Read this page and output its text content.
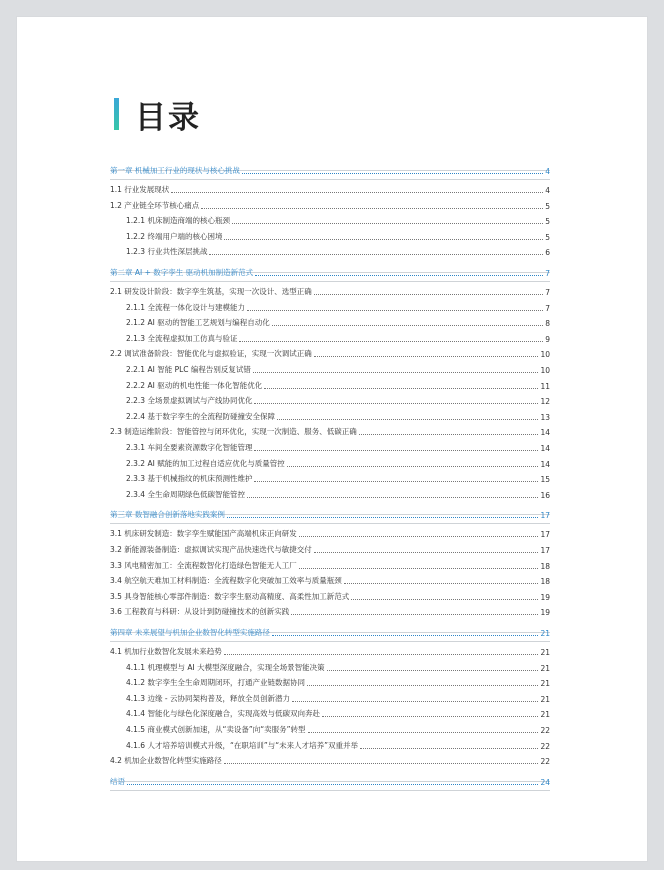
目录
第一章 机械加工行业的现状与核心挑战	4
1.1 行业发展现状	4
1.2 产业链全环节核心痛点	5
1.2.1 机床制造商端的核心瓶颈	5
1.2.2 终端用户端的核心困境	5
1.2.3 行业共性深层挑战	6
第二章 AI + 数字孪生 驱动机加制造新范式	7
2.1 研发设计阶段：数字孪生筑基，实现一次设计、选型正确	7
2.1.1 全流程一体化设计与建模能力	7
2.1.2 AI 驱动的智能工艺规划与编程自动化	8
2.1.3 全流程虚拟加工仿真与验证	9
2.2 调试准备阶段：智能优化与虚拟验证，实现一次调试正确	10
2.2.1 AI 智能 PLC 编程告别反复试错	10
2.2.2 AI 驱动的机电性能一体化智能优化	11
2.2.3 全场景虚拟调试与产线协同优化	12
2.2.4 基于数字孪生的全流程防碰撞安全保障	13
2.3 制造运维阶段：智能管控与闭环优化，实现一次制造、服务、低碳正确	14
2.3.1 车间全要素资源数字化智能管理	14
2.3.2 AI 赋能的加工过程自适应优化与质量管控	14
2.3.3 基于机械指纹的机床预测性维护	15
2.3.4 全生命周期绿色低碳智能管控	16
第三章 数智融合创新落地实践案例	17
3.1 机床研发制造：数字孪生赋能国产高端机床正向研发	17
3.2 新能源装备制造：虚拟调试实现产品快速迭代与敏捷交付	17
3.3 风电精密加工：全流程数智化打造绿色智能无人工厂	18
3.4 航空航天难加工材料制造：全流程数字化突破加工效率与质量瓶颈	18
3.5 具身智能核心零部件制造：数字孪生驱动高精度、高柔性加工新范式	19
3.6 工程教育与科研：从设计到防碰撞技术的创新实践	19
第四章 未来展望与机加企业数智化转型实施路径	21
4.1 机加行业数智化发展未来趋势	21
4.1.1 机理模型与 AI 大模型深度融合，实现全场景智能决策	21
4.1.2 数字孪生全生命周期闭环，打通产业链数据协同	21
4.1.3 边缘 - 云协同架构普及，释放全员创新潜力	21
4.1.4 智能化与绿色化深度融合，实现高效与低碳双向奔赴	21
4.1.5 商业模式创新加速，从“卖设备”向“卖服务”转型	22
4.1.6 人才培养培训模式升级，“在职培训”与“未来人才培养”双重并举	22
4.2 机加企业数智化转型实施路径	22
结语	24
